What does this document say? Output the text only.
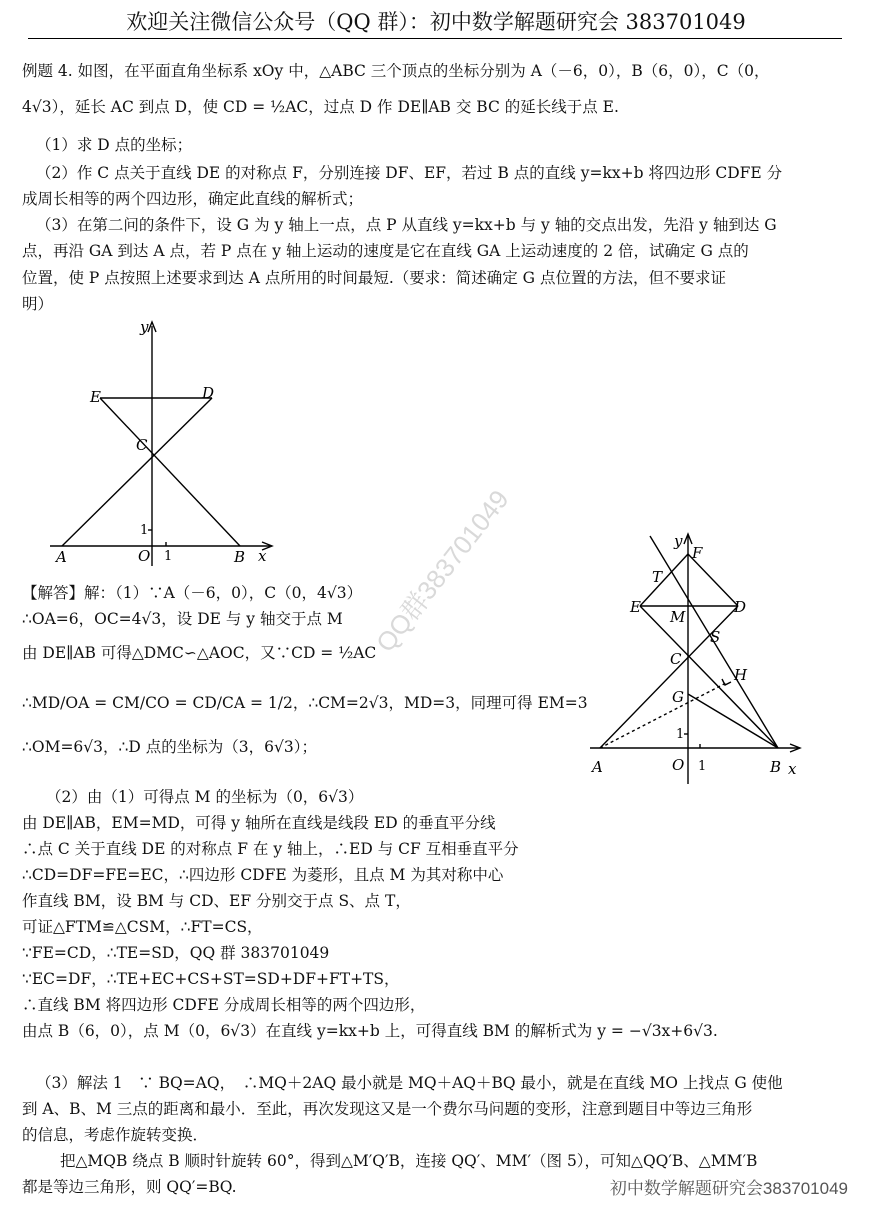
欢迎关注微信公众号（QQ 群）：初中数学解题研究会 383701049
例题 4. 如图，在平面直角坐标系 xOy 中，△ABC 三个顶点的坐标分别为 A（－6，0），B（6，0），C（0，
4√3），延长 AC 到点 D，使 CD = ½AC，过点 D 作 DE∥AB 交 BC 的延长线于点 E.
（1）求 D 点的坐标；
（2）作 C 点关于直线 DE 的对称点 F，分别连接 DF、EF，若过 B 点的直线 y=kx+b 将四边形 CDFE 分
成周长相等的两个四边形，确定此直线的解析式；
（3）在第二问的条件下，设 G 为 y 轴上一点，点 P 从直线 y=kx+b 与 y 轴的交点出发，先沿 y 轴到达 G
点，再沿 GA 到达 A 点，若 P 点在 y 轴上运动的速度是它在直线 GA 上运动速度的 2 倍，试确定 G 点的
位置，使 P 点按照上述要求到达 A 点所用的时间最短.（要求：简述确定 G 点位置的方法，但不要求证
明）
y
x
E	D
C
A	O	B
1
1
y
x
F
T
E
M
D
S
C
H
G
A	O	B
1
1
QQ群383701049
【解答】解：（1）∵A（－6，0），C（0，4√3）
∴OA=6，OC=4√3，设 DE 与 y 轴交于点 M
由 DE∥AB 可得△DMC∽△AOC，又∵CD = ½AC
∴MD/OA = CM/CO = CD/CA = 1/2，∴CM=2√3，MD=3，同理可得 EM=3
∴OM=6√3，∴D 点的坐标为（3，6√3）；
（2）由（1）可得点 M 的坐标为（0，6√3）
由 DE∥AB，EM=MD，可得 y 轴所在直线是线段 ED 的垂直平分线
∴点 C 关于直线 DE 的对称点 F 在 y 轴上，∴ED 与 CF 互相垂直平分
∴CD=DF=FE=EC，∴四边形 CDFE 为菱形，且点 M 为其对称中心
作直线 BM，设 BM 与 CD、EF 分别交于点 S、点 T，
可证△FTM≌△CSM，∴FT=CS，
∵FE=CD，∴TE=SD，QQ 群 383701049
∵EC=DF，∴TE+EC+CS+ST=SD+DF+FT+TS，
∴直线 BM 将四边形 CDFE 分成周长相等的两个四边形，
由点 B（6，0），点 M（0，6√3）在直线 y=kx+b 上，可得直线 BM 的解析式为 y = −√3x+6√3.
（3）解法 1　∵ BQ=AQ，　∴MQ＋2AQ 最小就是 MQ＋AQ＋BQ 最小，就是在直线 MO 上找点 G 使他
到 A、B、M 三点的距离和最小．至此，再次发现这又是一个费尔马问题的变形，注意到题目中等边三角形
的信息，考虑作旋转变换．
把△MQB 绕点 B 顺时针旋转 60°，得到△M′Q′B，连接 QQ′、MM′（图 5），可知△QQ′B、△MM′B
都是等边三角形，则 QQ′=BQ.	初中数学解题研究会383701049
